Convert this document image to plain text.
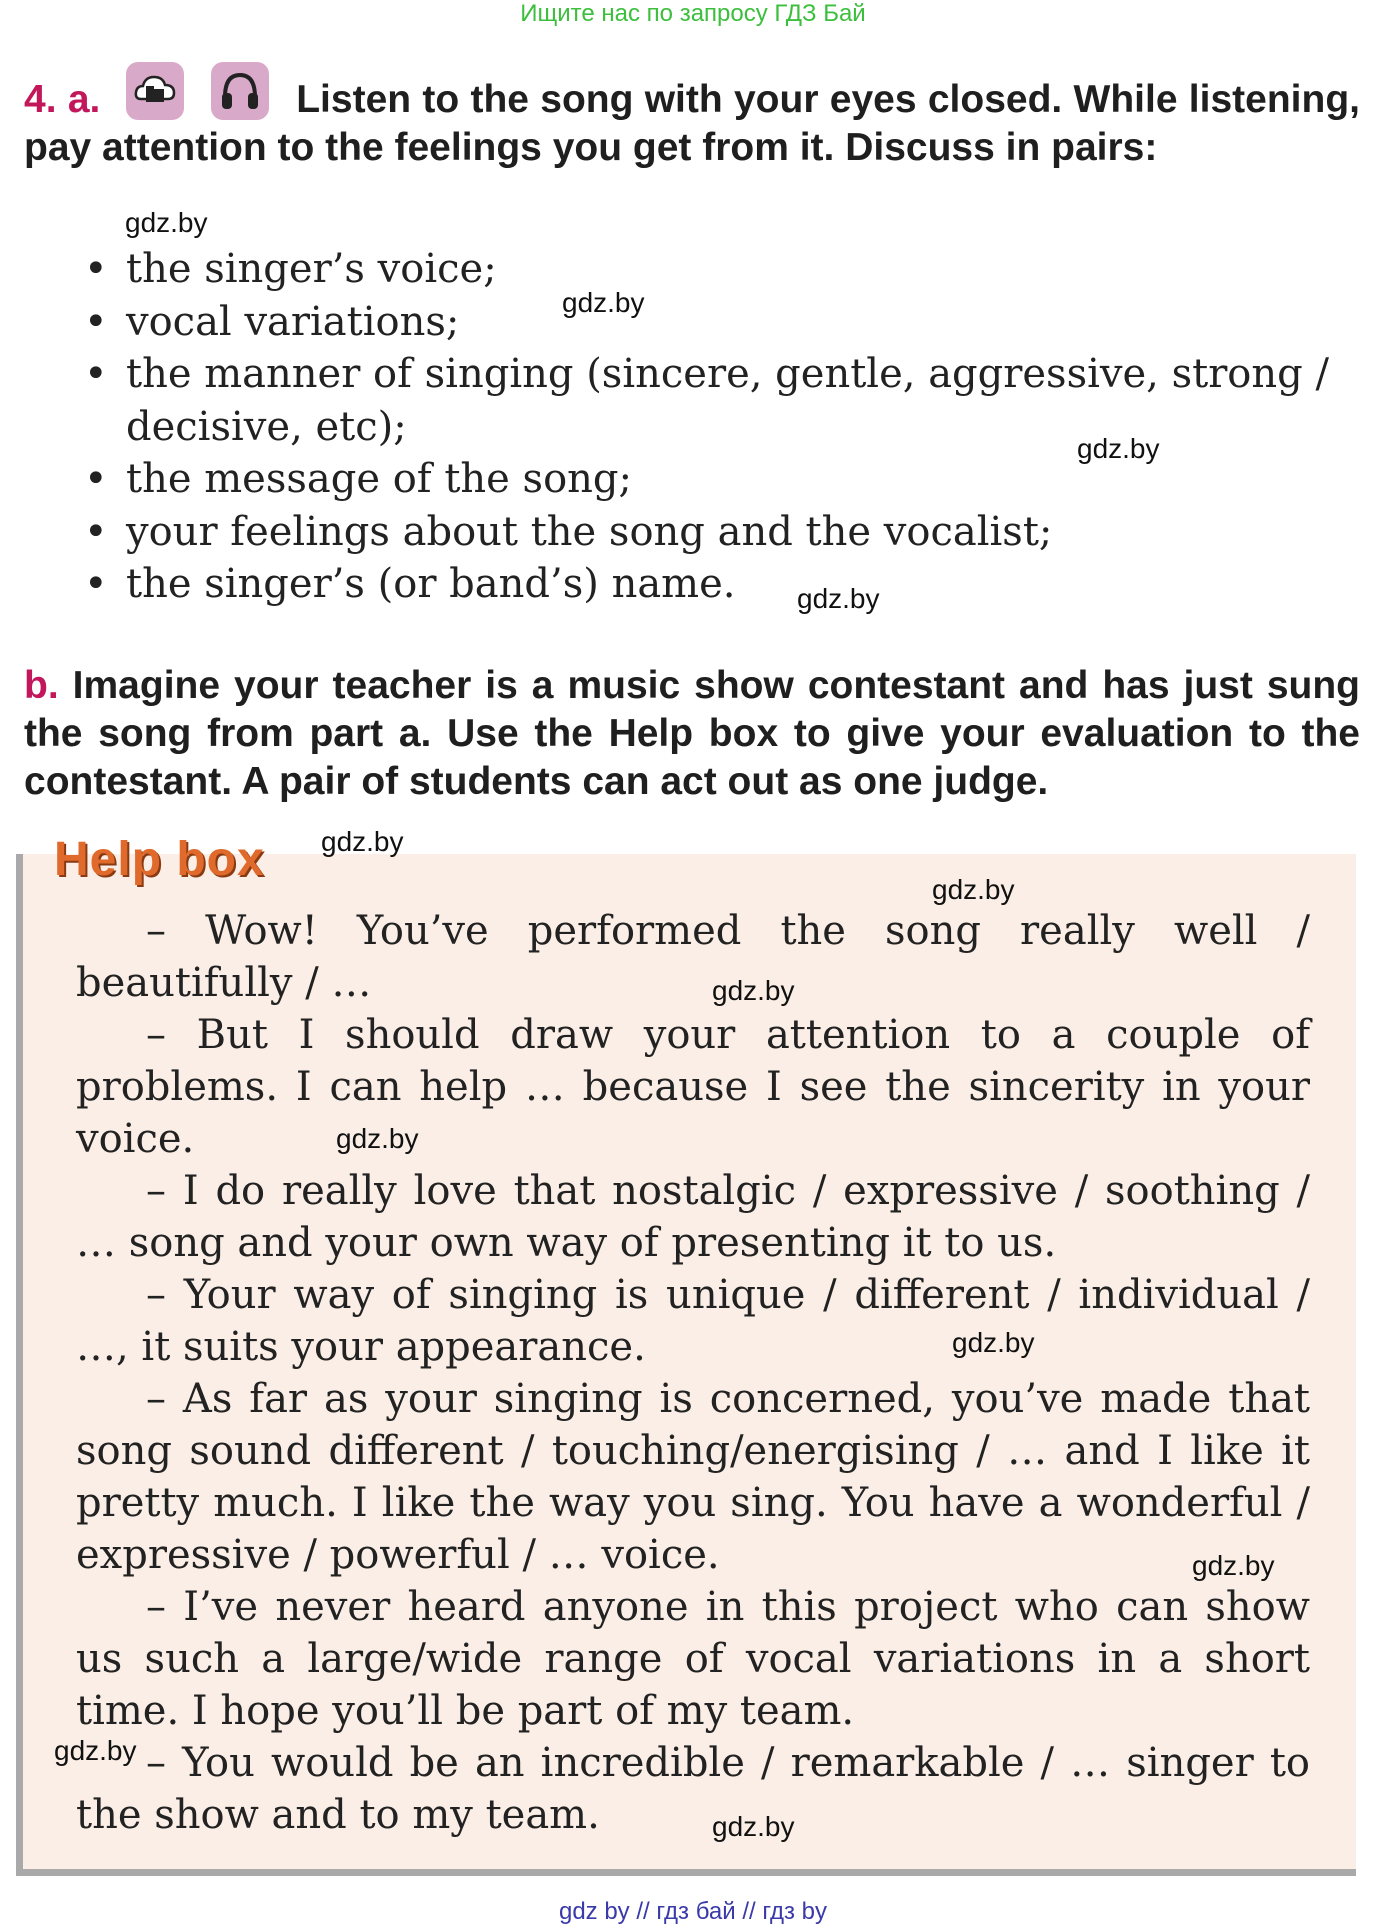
Ищите нас по запросу ГДЗ Бай
4. a.
	Listen to the song with your eyes closed. While listening, pay attention to the feelings you get from it. Discuss in pairs:
• the singer’s voice;
• vocal variations;
• the manner of singing (sincere, gentle, aggressive, strong / decisive, etc);
• the message of the song;
• your feelings about the song and the vocalist;
• the singer’s (or band’s) name.
b. Imagine your teacher is a music show contestant and has just sung the song from part a. Use the Help box to give your evaluation to the contestant. A pair of students can act out as one judge.
Help box

– Wow! You’ve performed the song really well / beautifully / …

– But I should draw your attention to a couple of problems. I can help … because I see the sincerity in your voice.

– I do really love that nostalgic / expressive / soothing / … song and your own way of presenting it to us.

– Your way of singing is unique / different / individual / …, it suits your appearance.

– As far as your singing is concerned, you’ve made that song sound different / touching/energising / … and I like it pretty much. I like the way you sing. You have a wonderful / expressive / powerful / … voice.

– I’ve never heard anyone in this project who can show us such a large/wide range of vocal variations in a short time. I hope you’ll be part of my team.

– You would be an incredible / remarkable / … singer to the show and to my team.

gdz.by
gdz.by
gdz.by
gdz.by
gdz.by
gdz.by
gdz.by
gdz.by
gdz.by
gdz.by
gdz.by
gdz.by
gdz by // гдз бай // гдз by
